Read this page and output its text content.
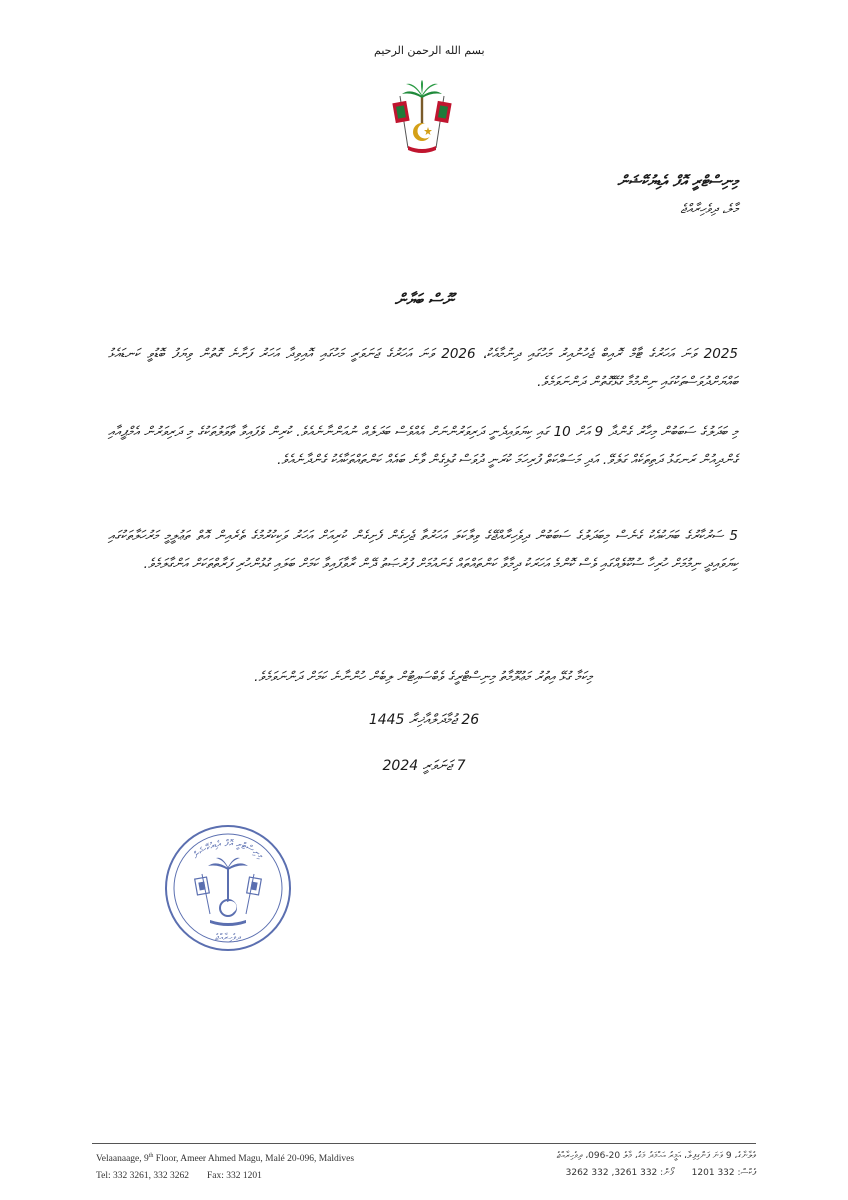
بسم الله الرحمن الرحيم
މިނިސްޓްރީ އޮފް އެޑިޔުކޭޝަން
މާލެ، ދިވެހިރާއްޖެ
ނޫސް ބަޔާން
2025 ވަނަ އަހަރުގެ ޓާމް ރޮއިބް ޖެހުނުއިރު މަހުގައި ދިނުމާއެކު، 2026 ވަނަ އަހަރުގެ ޖަނަވަރީ މަހުގައި އޮއިވިދާ އަހަރު ފަށާނެ ގޮތުން ވިޔަފު ބޮޑުވީ ކަނޑައެޅު ބައްޔަށްދުވަސްތަކުގައި ނިންމުމާ ގުޅޭގޮތުން ދަންނަވަމެވެ.
މި ބަދަލުގެ ސަބަބުން މިހާރު ގެންދާ 9 އަށް 10 ގައި ކިޔަވައިދެނީ ދަރިވަރުންނަށް އެއްވެސް ބަދަލެއް ނުއަންނާނެއެވެ. ކުރިން ވެފައިވާ ތާވަލުތަކުގެ މި ދަރިވަރުން އެމްޕީއާއި ގެންދިއުން ރަނގަޅު ދަތިތަކެއް ގަލެވޭ. އަދި މަސައްކަތް ފުރިހަމަ ކުރަނީ ދުވަސް ގުޅިގެން ވާނެ ބައެއް ކަންތައްތަކާއެކު ގެންދާނެއެވެ.
5 ސަރުކާރުގެ ބަޔަކުއެކު ގެނެސް މިބަދަލުގެ ސަބަބުން ދިވެހިރާއްޖޭގެ ވިލާކަލަ އަހަރުތާ ޖެހިގެން ފެށިގެން ކުރިއަށް އަހަރު ވަކިކުރުމުގެ ތެރެއިން އޮތް ތަޢުލީމީ މަރުހަލާތަކުގައި ކިޔަވައިދީ ނިމުމަށް ހުރިހާ ސުކޫލެއްގައި ވެސް ކޮންމެ އަހަރަކު ދިމާވާ ކަންތައްތައް ގެނައުމަށް ފުރުޞަތު ދޭން ރާވާފައިވާ ކަމަށް ބަލައި ގުޅުންހުރި ފަރާތްތަކަށް އަންގާލަމެވެ.
މިކަމާ ގުޅޭ އިތުރު މަޢުލޫމާތު މިނިސްޓްރީގެ ވެބްސައިޓުން ލިބެން ހުންނާނެ ކަމަށް ދަންނަވަމެވެ.
26 ޖުމާދަލްއާޚިރާ 1445
7 ޖަނަވަރީ 2024
މިނިސްޓްރީ އޮފް އެޑިއުކޭޝަން
ދިވެހިރާއްޖެ
Velaanaage, 9th Floor, Ameer Ahmed Magu, Malé 20-096, Maldives
Tel: 332 3261, 332 3262 Fax: 332 1201
ވެލާނާގެ، 9 ވަނަ ފަންގިފިލާ، އަމީރު އަޙްމަދު މަގު، މާލެ 20-096، ދިވެހިރާއްޖެ
ފެކްސް: 332 1201ފޯން: 332 3261, 332 3262
